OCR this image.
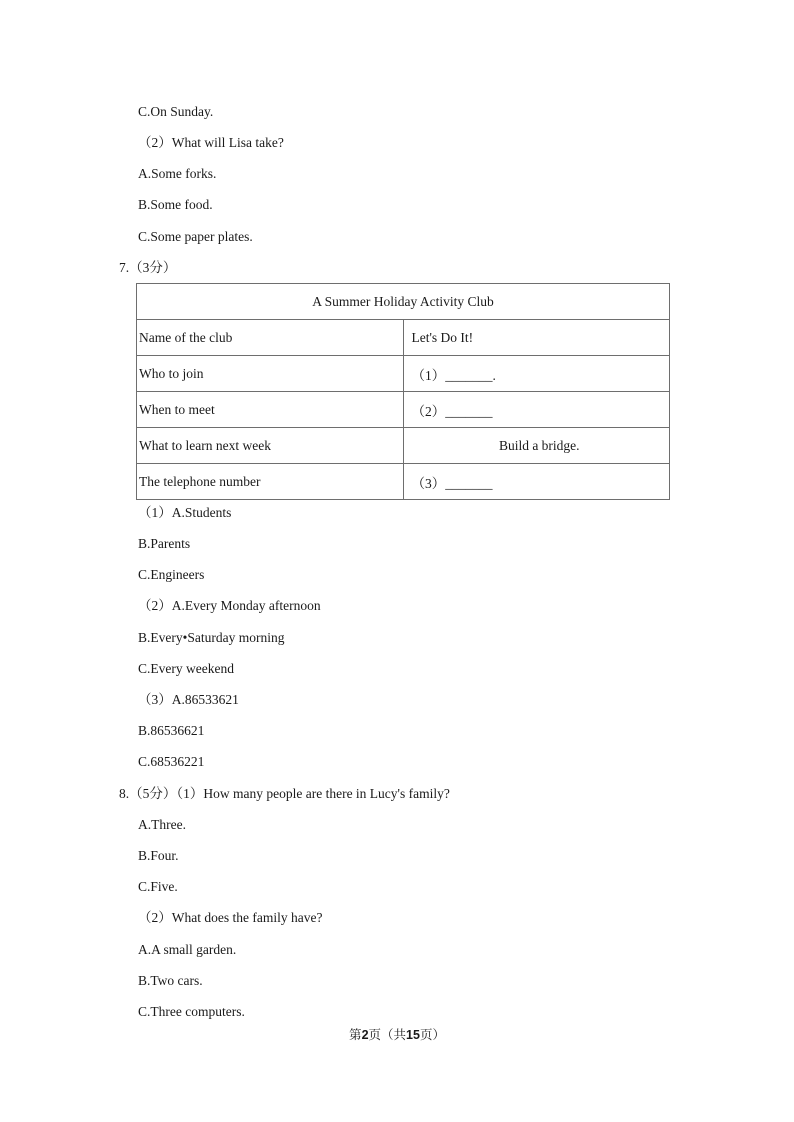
C.On Sunday.
（2）What will Lisa take?
A.Some forks.
B.Some food.
C.Some paper plates.
7.（3分）
A Summer Holiday Activity Club	
Name of the club	Let's Do It!
Who to join	（1）_______.
When to meet	（2）_______
What to learn next week	Build a bridge.
The telephone number	（3）_______
（1）A.Students
B.Parents
C.Engineers
（2）A.Every Monday afternoon
B.Every•Saturday morning
C.Every weekend
（3）A.86533621
B.86536621
C.68536221
8.（5分）（1）How many people are there in Lucy's family?
A.Three.
B.Four.
C.Five.
（2）What does the family have?
A.A small garden.
B.Two cars.
C.Three computers.
第2页（共15页）
